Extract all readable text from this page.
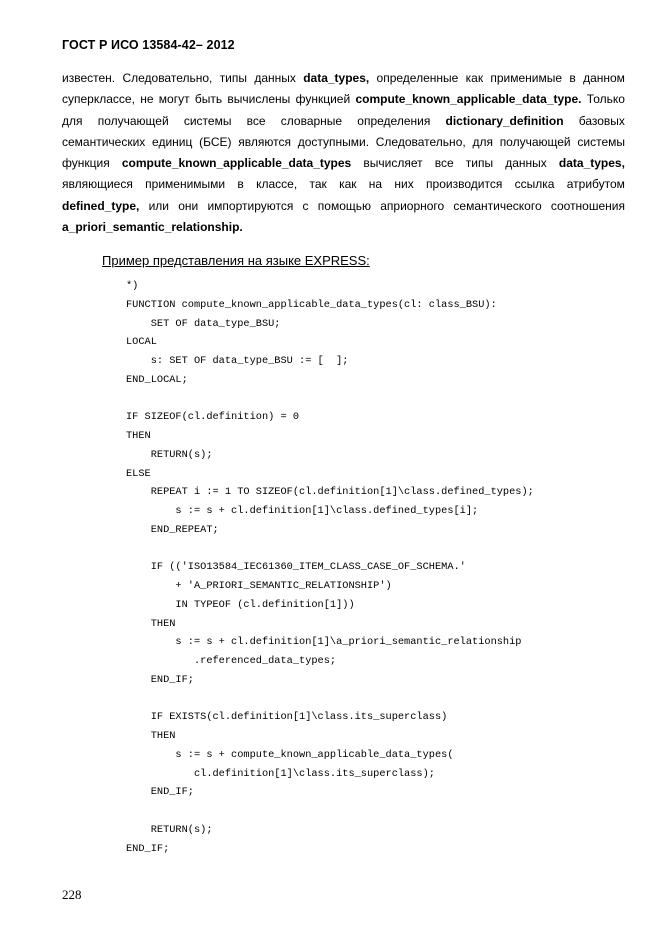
ГОСТ Р ИСО 13584-42– 2012
известен. Следовательно, типы данных data_types, определенные как применимые в данном
суперклассе, не могут быть вычислены функцией compute_known_applicable_data_type. Только
для получающей системы все словарные определения dictionary_definition базовых
семантических единиц (БСЕ) являются доступными. Следовательно, для получающей системы
функция compute_known_applicable_data_types вычисляет все типы данных data_types,
являющиеся применимыми в классе, так как на них производится ссылка атрибутом
defined_type, или они импортируются с помощью априорного семантического соотношения
a_priori_semantic_relationship.
Пример представления на языке EXPRESS:
*)
FUNCTION compute_known_applicable_data_types(cl: class_BSU):
SET OF data_type_BSU;
LOCAL
s: SET OF data_type_BSU := [  ];
END_LOCAL;
IF SIZEOF(cl.definition) = 0
THEN
RETURN(s);
ELSE
REPEAT i := 1 TO SIZEOF(cl.definition[1]\class.defined_types);
s := s + cl.definition[1]\class.defined_types[i];
END_REPEAT;
IF (('ISO13584_IEC61360_ITEM_CLASS_CASE_OF_SCHEMA.'
+ 'A_PRIORI_SEMANTIC_RELATIONSHIP')
IN TYPEOF (cl.definition[1]))
THEN
s := s + cl.definition[1]\a_priori_semantic_relationship
.referenced_data_types;
END_IF;
IF EXISTS(cl.definition[1]\class.its_superclass)
THEN
s := s + compute_known_applicable_data_types(
cl.definition[1]\class.its_superclass);
END_IF;
RETURN(s);
END_IF;
228
